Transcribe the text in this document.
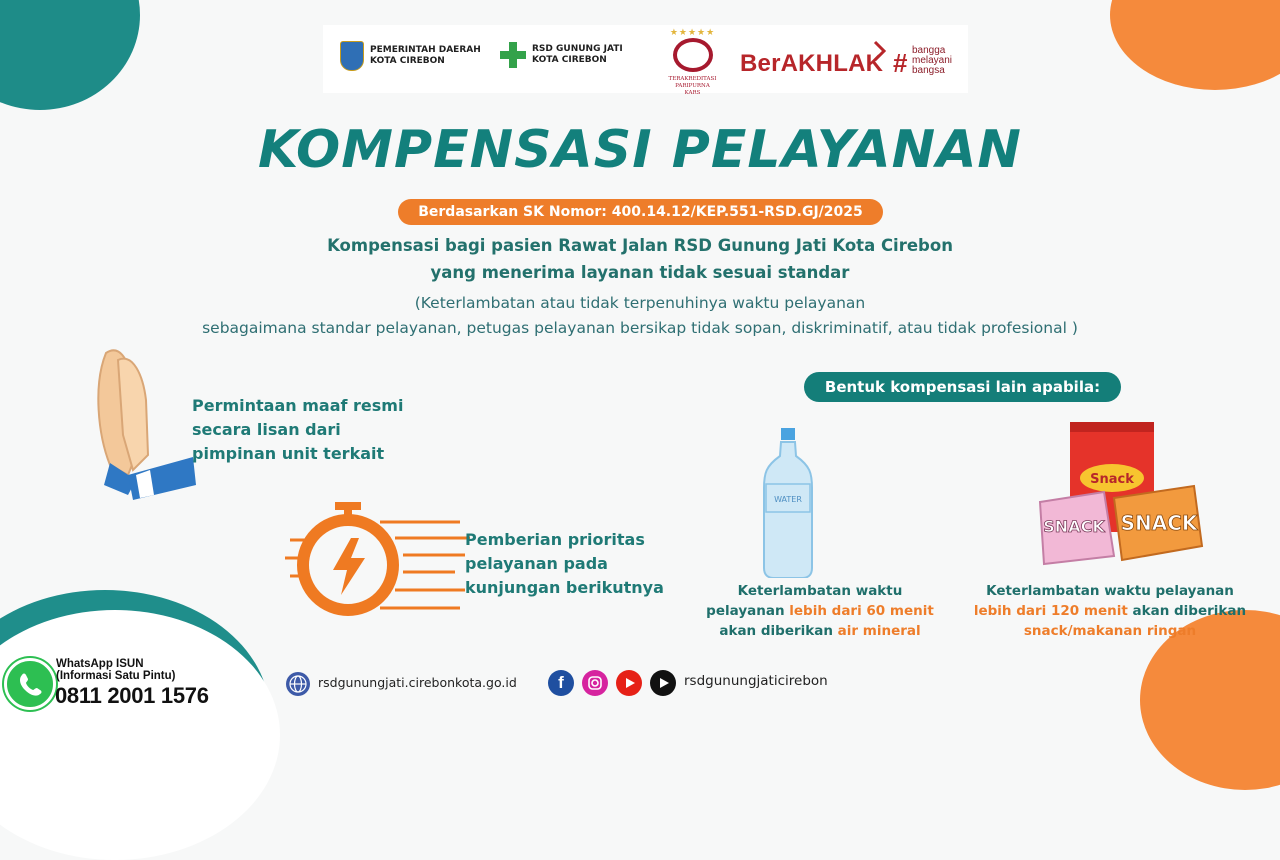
PEMERINTAH DAERAH
KOTA CIREBON
RSD GUNUNG JATI
KOTA CIREBON
★★★★★
TERAKREDITASI PARIPURNA
KARS
BerAKHLAK # bangga
melayani
bangsa
KOMPENSASI PELAYANAN
Berdasarkan SK Nomor: 400.14.12/KEP.551-RSD.GJ/2025
Kompensasi bagi pasien Rawat Jalan RSD Gunung Jati Kota Cirebon
yang menerima layanan tidak sesuai standar
(Keterlambatan atau tidak terpenuhinya waktu pelayanan
sebagaimana standar pelayanan, petugas pelayanan bersikap tidak sopan, diskriminatif, atau tidak profesional )
Permintaan maaf resmi
secara lisan dari
pimpinan unit terkait
Pemberian prioritas
pelayanan pada
kunjungan berikutnya
Bentuk kompensasi lain apabila:
WATER
Keterlambatan waktu
pelayanan lebih dari 60 menit
akan diberikan air mineral
Snack
SNACK SNACK
Keterlambatan waktu pelayanan
lebih dari 120 menit akan diberikan
snack/makanan ringan
WhatsApp ISUN
(Informasi Satu Pintu)
0811 2001 1576
rsdgunungjati.cirebonkota.go.id	f	rsdgunungjaticirebon
